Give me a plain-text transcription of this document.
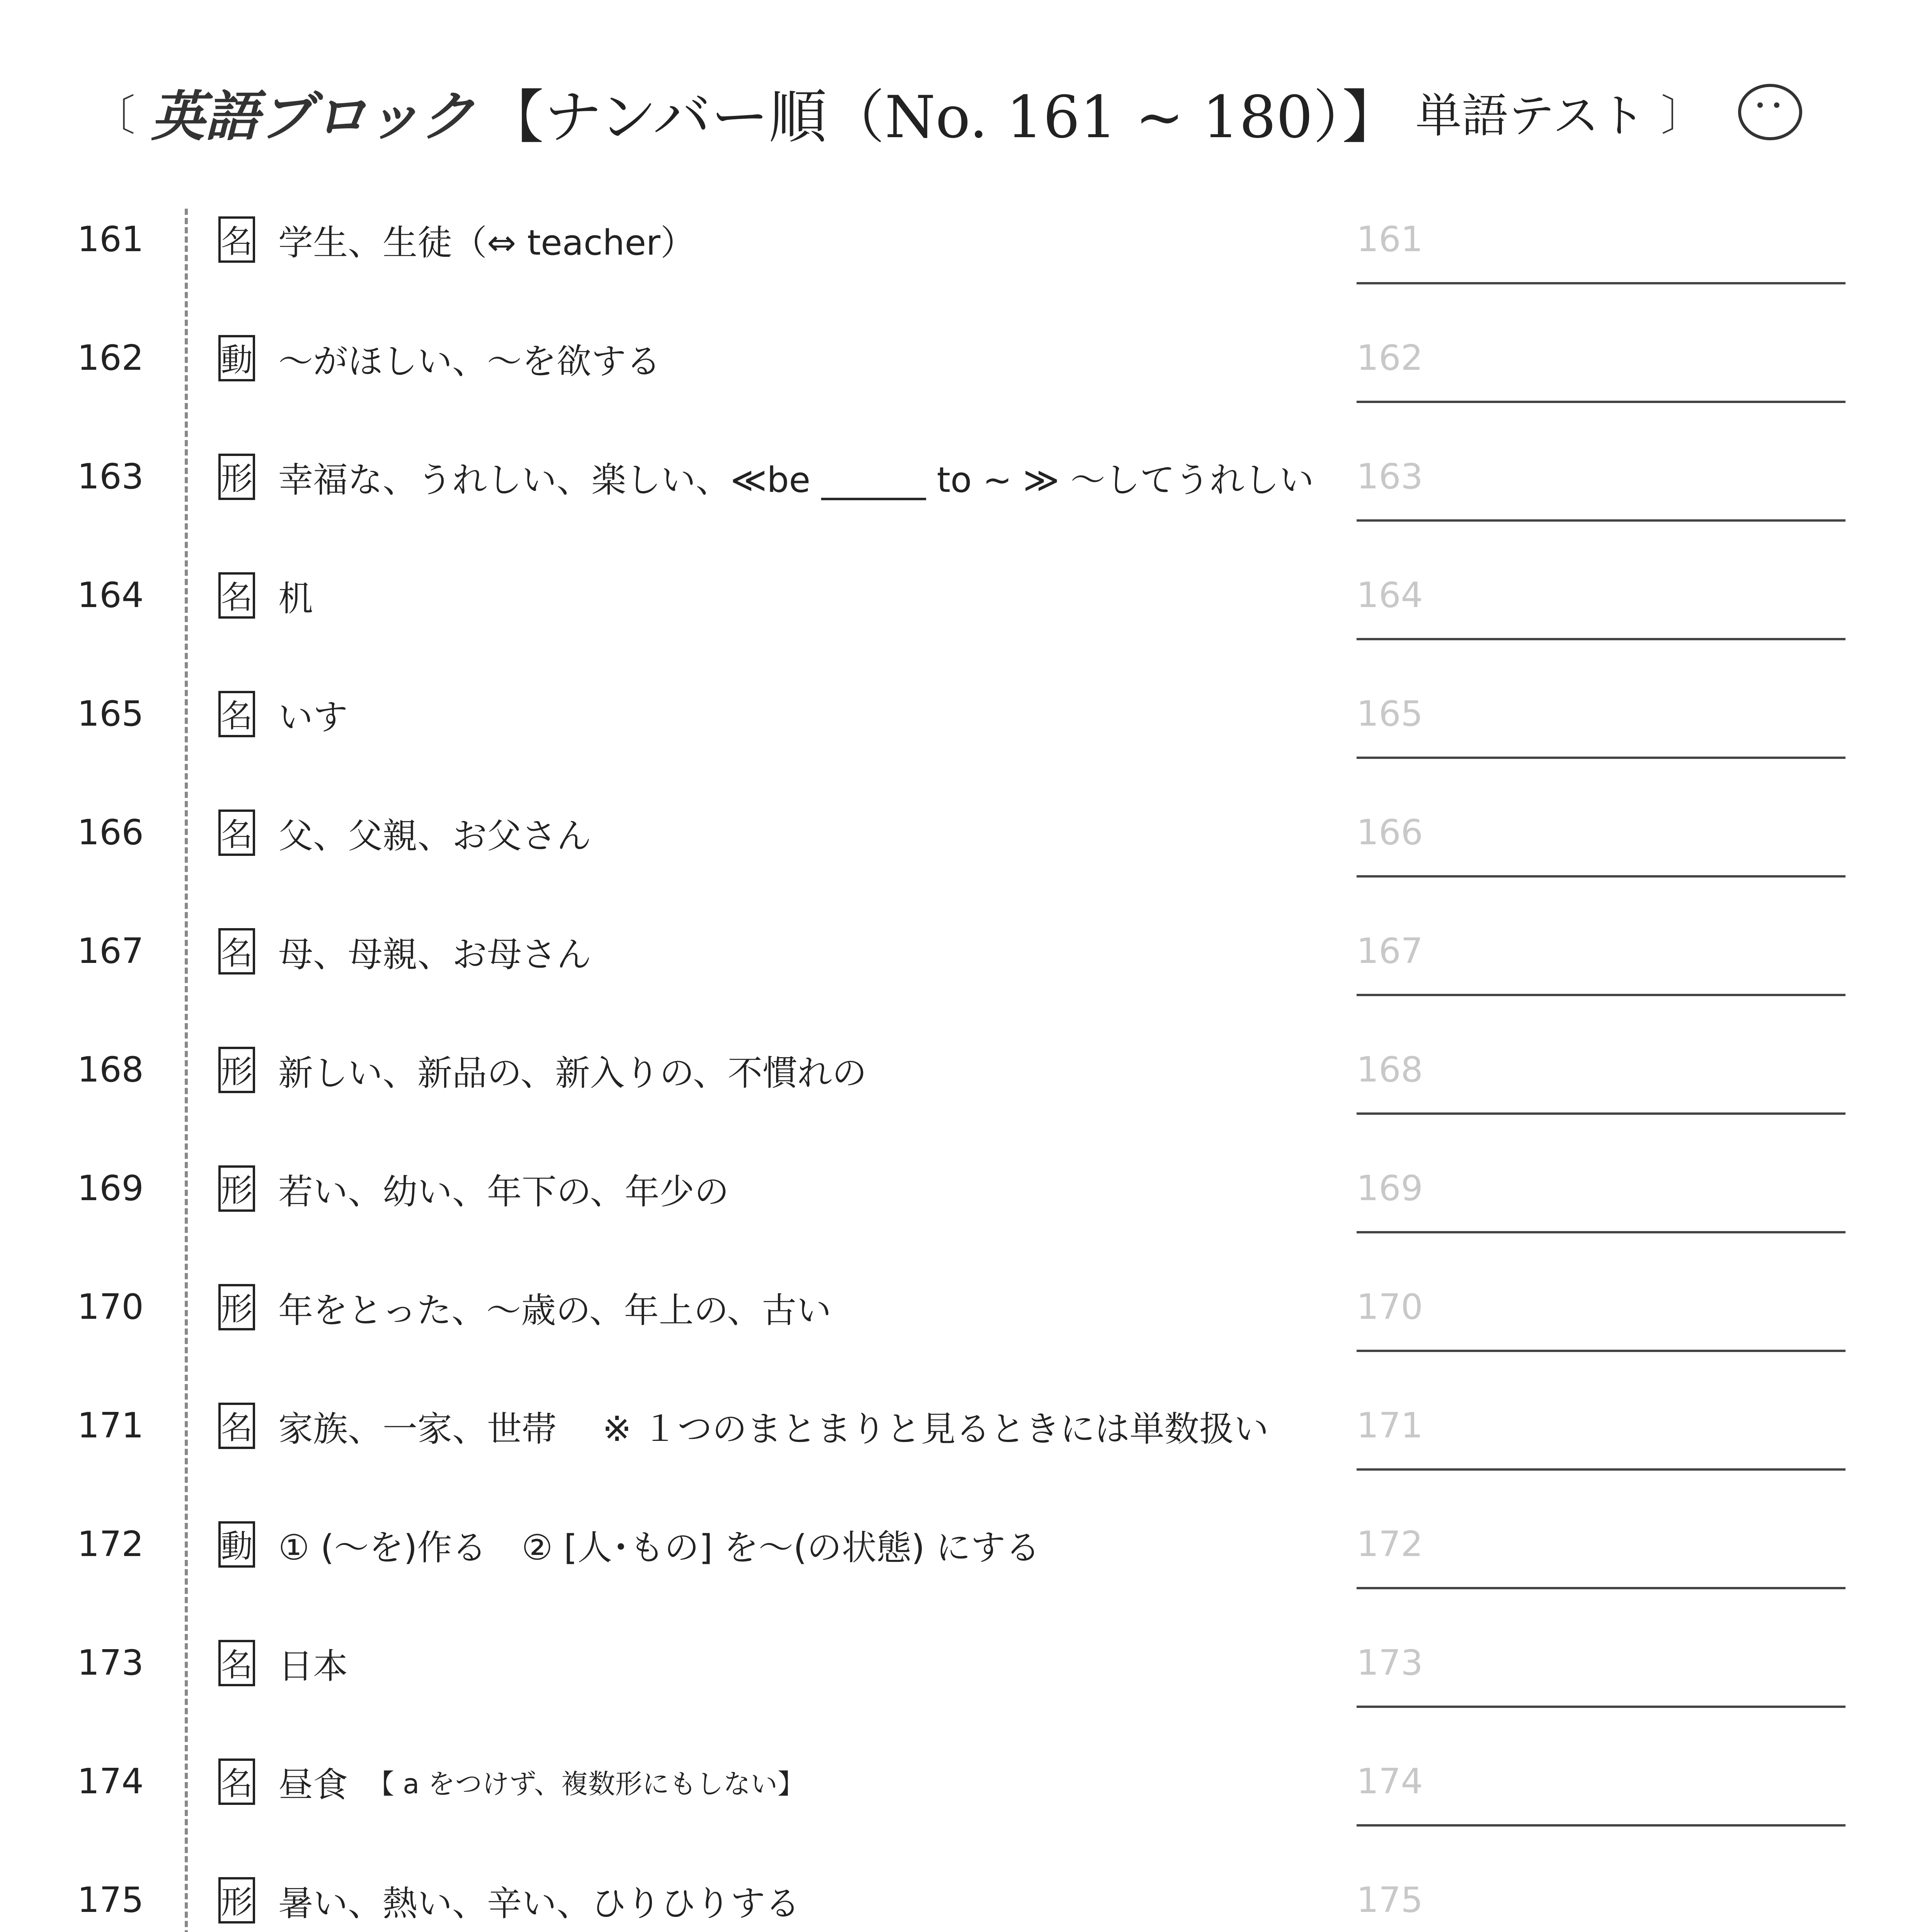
〔 英語ブロック 【ナンバー順（No. 161 ~ 180）】 単語テスト 〕
161	名 学生、生徒（⇔ teacher）	161
162	動 ～がほしい、～を欲する	162
163	形 幸福な、うれしい、楽しい、≪be ______ to ~ ≫ ～してうれしい 163
164	名 机	164
165	名 いす	165
166	名 父、父親、お父さん	166
167	名 母、母親、お母さん	167
168	形 新しい、新品の、新入りの、不慣れの	168
169	形 若い、幼い、年下の、年少の	169
170	形 年をとった、～歳の、年上の、古い	170
171	名 家族、一家、世帯　 ※ １つのまとまりと見るときには単数扱い	171
172	動 ① (～を)作る　② [人･もの] を～(の状態) にする	172
173	名 日本	173
174	名 昼食 【 a をつけず、複数形にもしない】	174
175	形 暑い、熱い、辛い、ひりひりする	175
